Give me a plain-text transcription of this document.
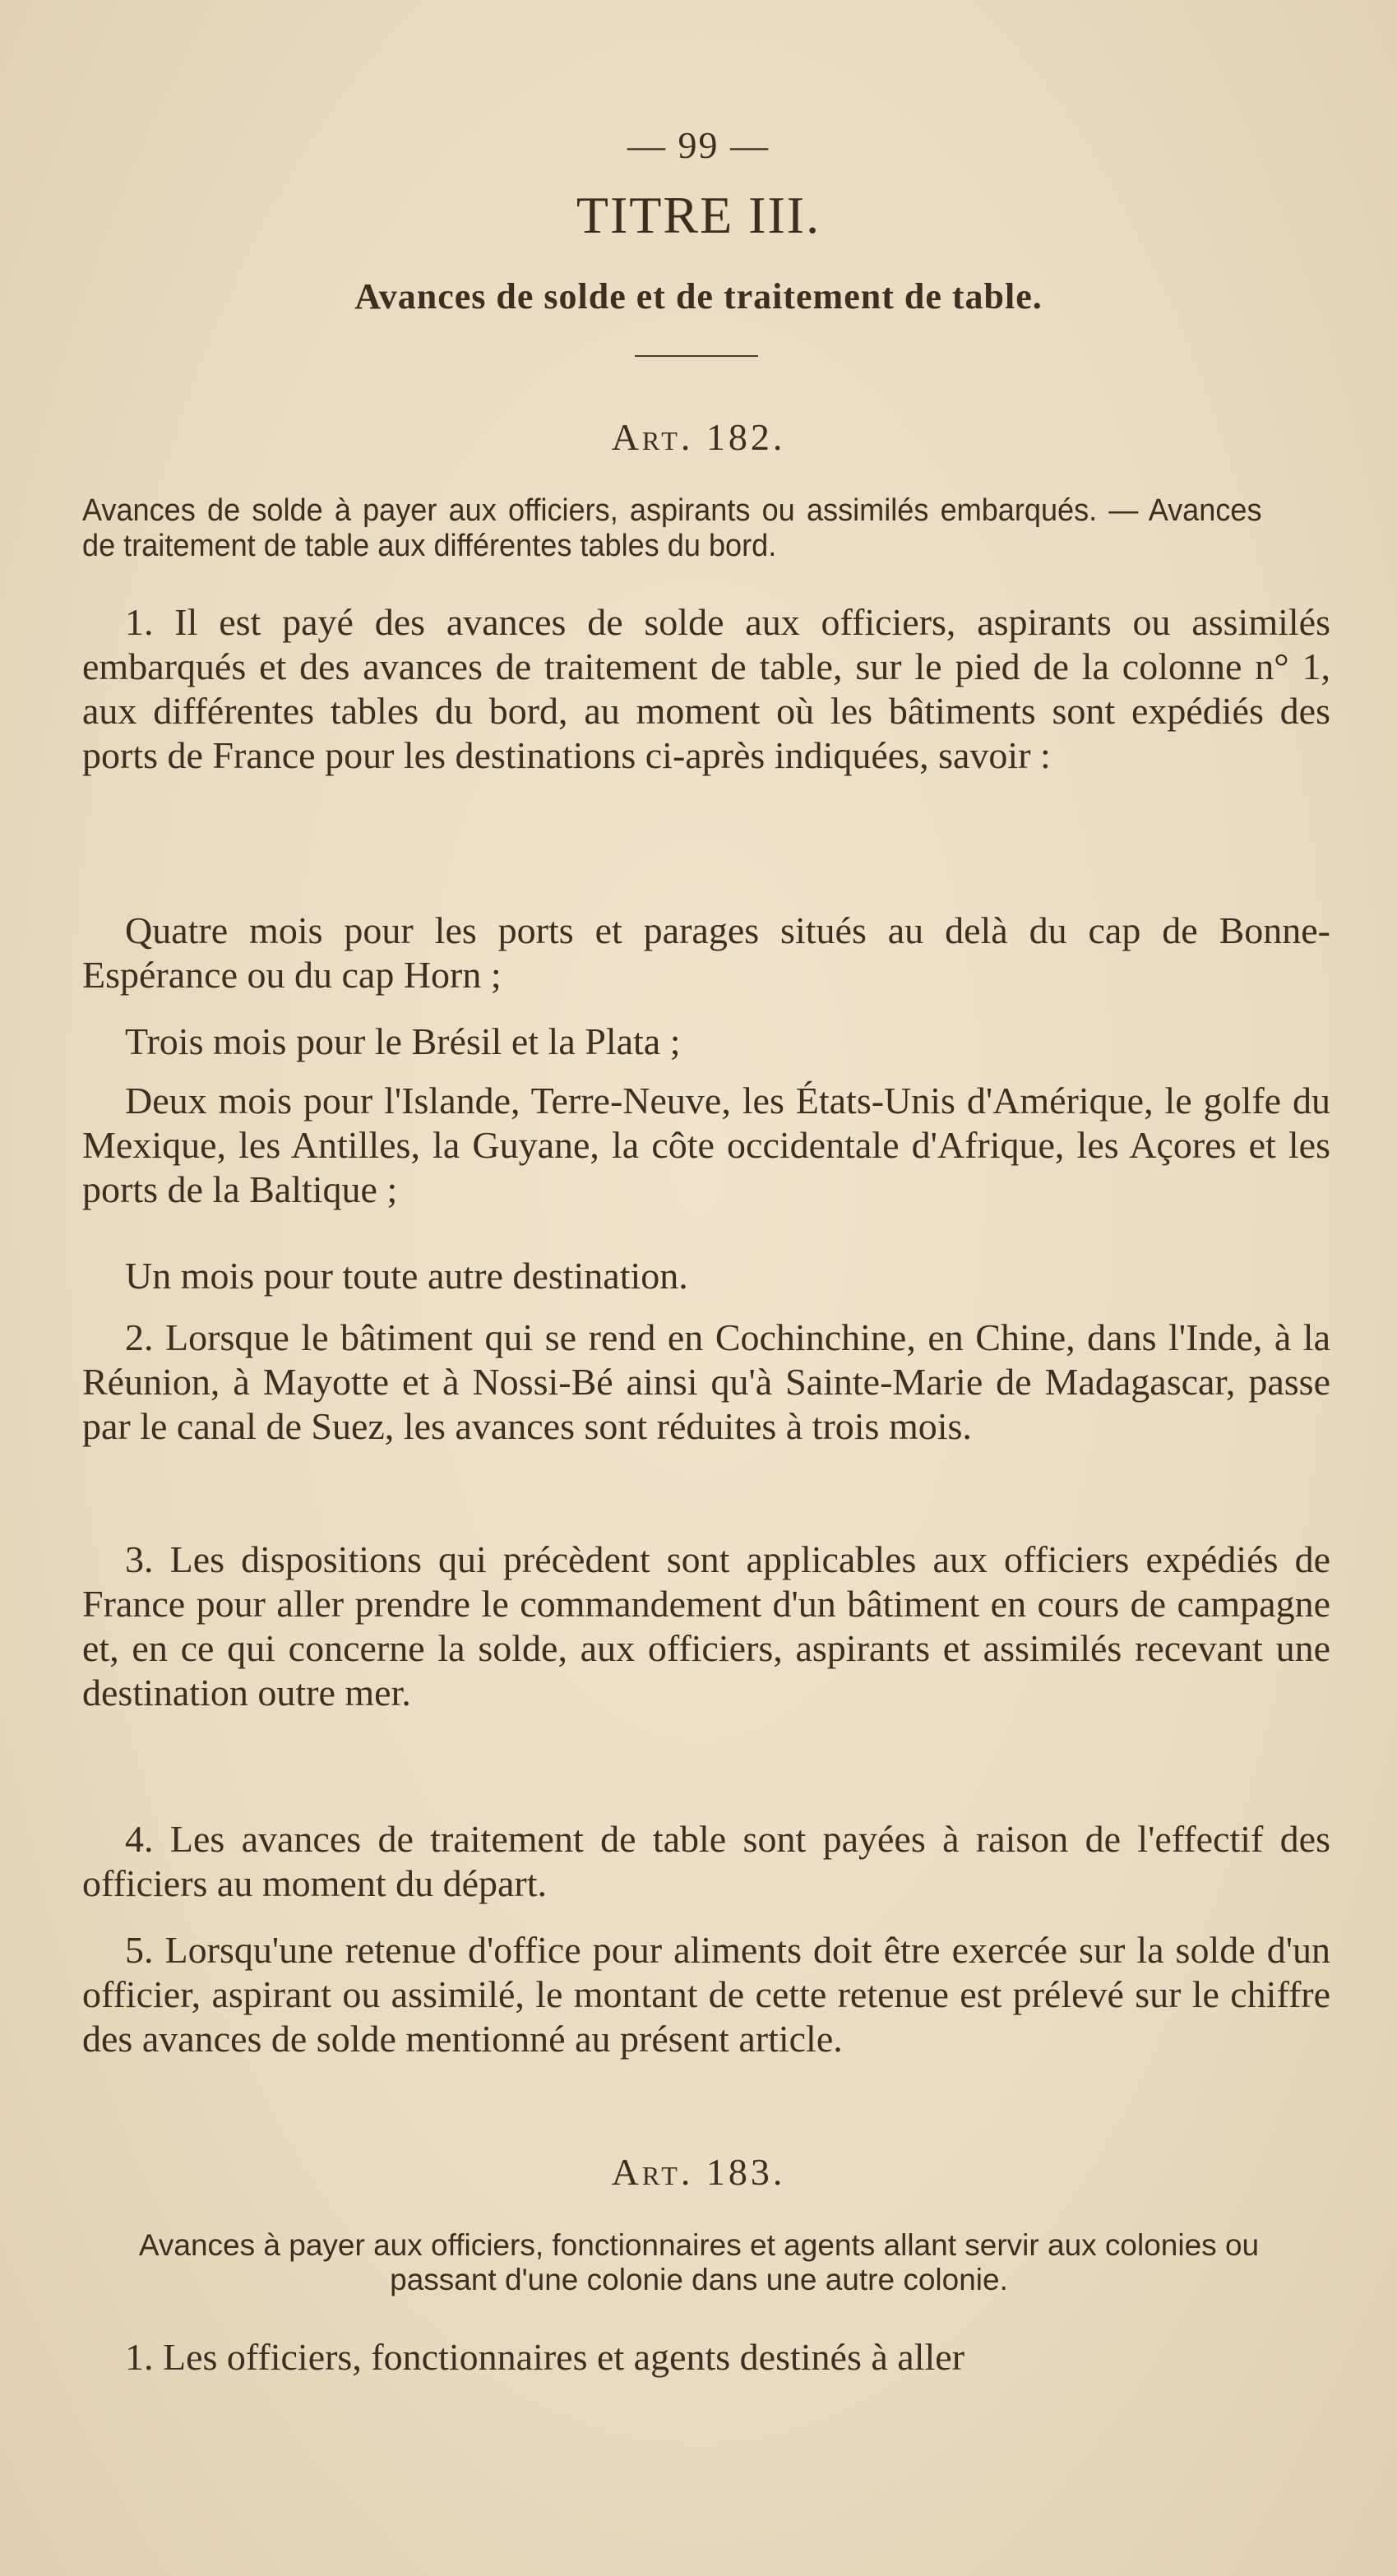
— 99 —
TITRE III.
Avances de solde et de traitement de table.
Art. 182.
Avances de solde à payer aux officiers, aspirants ou assimilés embarqués. — Avances de traitement de table aux différentes tables du bord.
1. Il est payé des avances de solde aux officiers, aspirants ou assimilés embarqués et des avances de traitement de table, sur le pied de la colonne n° 1, aux différentes tables du bord, au moment où les bâtiments sont expédiés des ports de France pour les destinations ci-après indiquées, savoir :
Quatre mois pour les ports et parages situés au delà du cap de Bonne-Espérance ou du cap Horn ;
Trois mois pour le Brésil et la Plata ;
Deux mois pour l'Islande, Terre-Neuve, les États-Unis d'Amérique, le golfe du Mexique, les Antilles, la Guyane, la côte occidentale d'Afrique, les Açores et les ports de la Baltique ;
Un mois pour toute autre destination.
2. Lorsque le bâtiment qui se rend en Cochinchine, en Chine, dans l'Inde, à la Réunion, à Mayotte et à Nossi-Bé ainsi qu'à Sainte-Marie de Madagascar, passe par le canal de Suez, les avances sont réduites à trois mois.
3. Les dispositions qui précèdent sont applicables aux officiers expédiés de France pour aller prendre le commandement d'un bâtiment en cours de campagne et, en ce qui concerne la solde, aux officiers, aspirants et assimilés recevant une destination outre mer.
4. Les avances de traitement de table sont payées à raison de l'effectif des officiers au moment du départ.
5. Lorsqu'une retenue d'office pour aliments doit être exercée sur la solde d'un officier, aspirant ou assimilé, le montant de cette retenue est prélevé sur le chiffre des avances de solde mentionné au présent article.
Art. 183.
Avances à payer aux officiers, fonctionnaires et agents allant servir aux colonies ou passant d'une colonie dans une autre colonie.
1. Les officiers, fonctionnaires et agents destinés à aller
